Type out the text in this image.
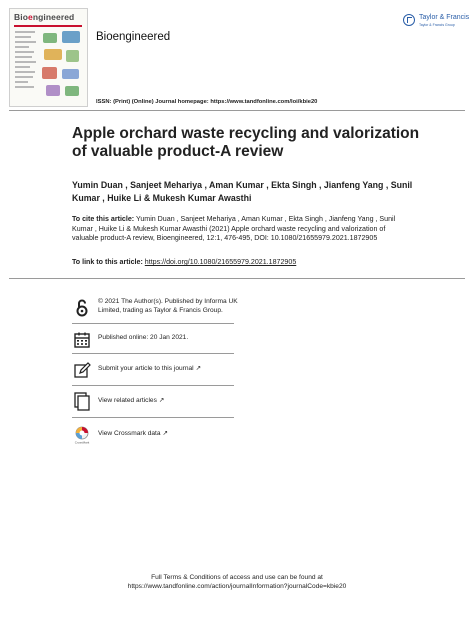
Bioengineered
Bioengineered
Taylor & Francis
Taylor & Francis Group
ISSN: (Print) (Online) Journal homepage: https://www.tandfonline.com/loi/kbie20
Apple orchard waste recycling and valorization of valuable product-A review
Yumin Duan , Sanjeet Mehariya , Aman Kumar , Ekta Singh , Jianfeng Yang , Sunil Kumar , Huike Li & Mukesh Kumar Awasthi
To cite this article: Yumin Duan , Sanjeet Mehariya , Aman Kumar , Ekta Singh , Jianfeng Yang , Sunil Kumar , Huike Li & Mukesh Kumar Awasthi (2021) Apple orchard waste recycling and valorization of valuable product-A review, Bioengineered, 12:1, 476-495, DOI: 10.1080/21655979.2021.1872905
To link to this article: https://doi.org/10.1080/21655979.2021.1872905
© 2021 The Author(s). Published by Informa UK Limited, trading as Taylor & Francis Group.
Published online: 20 Jan 2021.
Submit your article to this journal ↗
View related articles ↗
CrossMark
View Crossmark data ↗
Full Terms & Conditions of access and use can be found at
https://www.tandfonline.com/action/journalInformation?journalCode=kbie20
